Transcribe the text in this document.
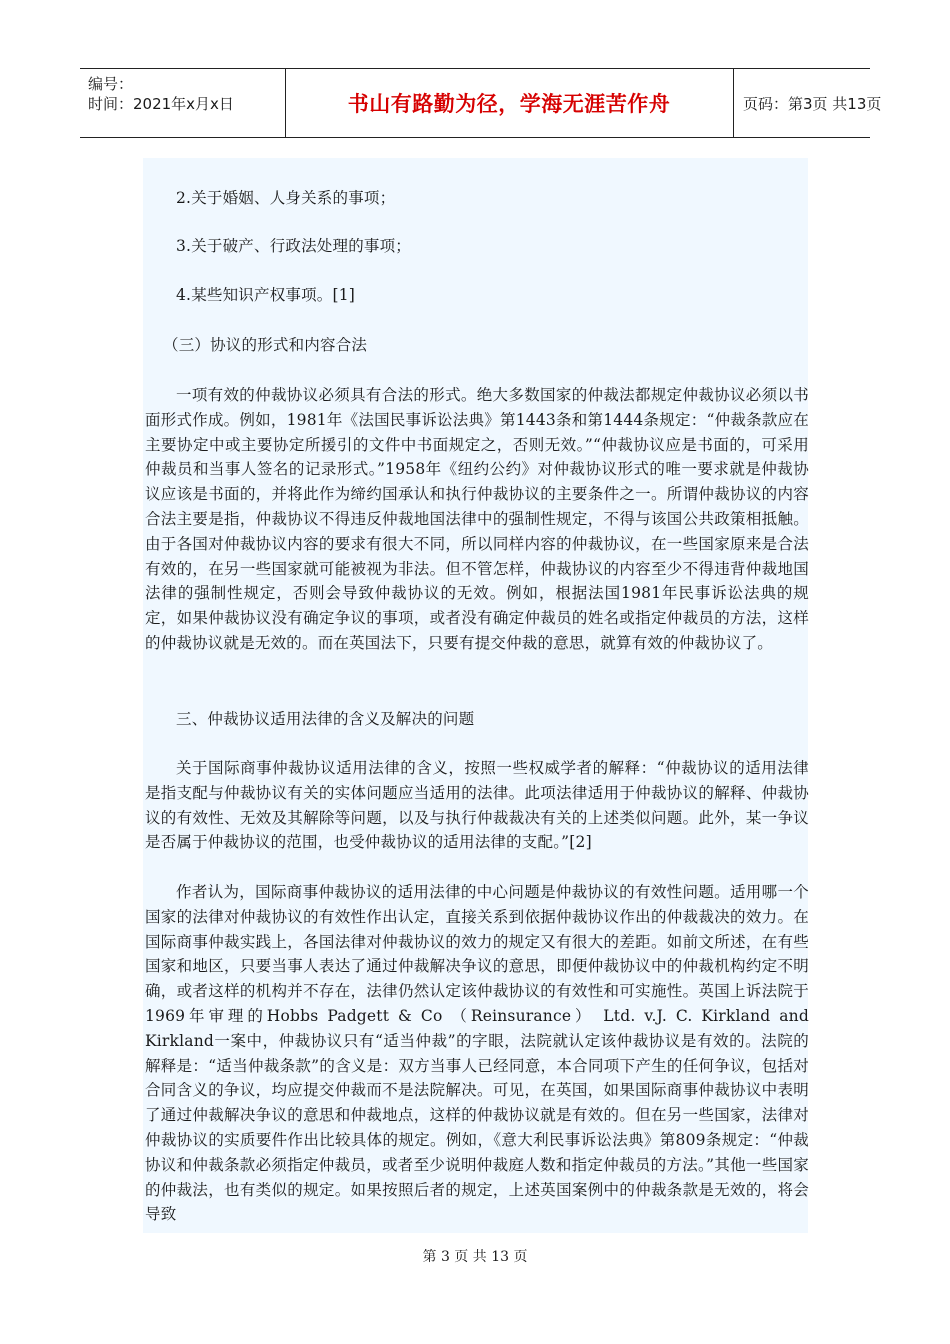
编号：
时间：2021年x月x日	书山有路勤为径，学海无涯苦作舟	页码：第3页 共13页
2.关于婚姻、人身关系的事项；
3.关于破产、行政法处理的事项；
4.某些知识产权事项。[1]
（三）协议的形式和内容合法
一项有效的仲裁协议必须具有合法的形式。绝大多数国家的仲裁法都规定仲裁协议必须以书面形式作成。例如，1981年《法国民事诉讼法典》第1443条和第1444条规定：“仲裁条款应在主要协定中或主要协定所援引的文件中书面规定之，否则无效。”“仲裁协议应是书面的，可采用仲裁员和当事人签名的记录形式。”1958年《纽约公约》对仲裁协议形式的唯一要求就是仲裁协议应该是书面的，并将此作为缔约国承认和执行仲裁协议的主要条件之一。所谓仲裁协议的内容合法主要是指，仲裁协议不得违反仲裁地国法律中的强制性规定，不得与该国公共政策相抵触。由于各国对仲裁协议内容的要求有很大不同，所以同样内容的仲裁协议，在一些国家原来是合法有效的，在另一些国家就可能被视为非法。但不管怎样，仲裁协议的内容至少不得违背仲裁地国法律的强制性规定，否则会导致仲裁协议的无效。例如，根据法国1981年民事诉讼法典的规定，如果仲裁协议没有确定争议的事项，或者没有确定仲裁员的姓名或指定仲裁员的方法，这样的仲裁协议就是无效的。而在英国法下，只要有提交仲裁的意思，就算有效的仲裁协议了。
三、仲裁协议适用法律的含义及解决的问题
关于国际商事仲裁协议适用法律的含义，按照一些权威学者的解释：“仲裁协议的适用法律是指支配与仲裁协议有关的实体问题应当适用的法律。此项法律适用于仲裁协议的解释、仲裁协议的有效性、无效及其解除等问题，以及与执行仲裁裁决有关的上述类似问题。此外，某一争议是否属于仲裁协议的范围，也受仲裁协议的适用法律的支配。”[2]
作者认为，国际商事仲裁协议的适用法律的中心问题是仲裁协议的有效性问题。适用哪一个国家的法律对仲裁协议的有效性作出认定，直接关系到依据仲裁协议作出的仲裁裁决的效力。在国际商事仲裁实践上，各国法律对仲裁协议的效力的规定又有很大的差距。如前文所述，在有些国家和地区，只要当事人表达了通过仲裁解决争议的意思，即便仲裁协议中的仲裁机构约定不明确，或者这样的机构并不存在，法律仍然认定该仲裁协议的有效性和可实施性。英国上诉法院于1969年审理的Hobbs Padgett & Co （Reinsurance） Ltd. v.J. C. Kirkland and Kirkland一案中，仲裁协议只有“适当仲裁”的字眼，法院就认定该仲裁协议是有效的。法院的解释是：“适当仲裁条款”的含义是：双方当事人已经同意，本合同项下产生的任何争议，包括对合同含义的争议，均应提交仲裁而不是法院解决。可见，在英国，如果国际商事仲裁协议中表明了通过仲裁解决争议的意思和仲裁地点，这样的仲裁协议就是有效的。但在另一些国家，法律对仲裁协议的实质要件作出比较具体的规定。例如，《意大利民事诉讼法典》第809条规定：“仲裁协议和仲裁条款必须指定仲裁员，或者至少说明仲裁庭人数和指定仲裁员的方法。”其他一些国家的仲裁法，也有类似的规定。如果按照后者的规定，上述英国案例中的仲裁条款是无效的，将会导致
第 3 页 共 13 页
